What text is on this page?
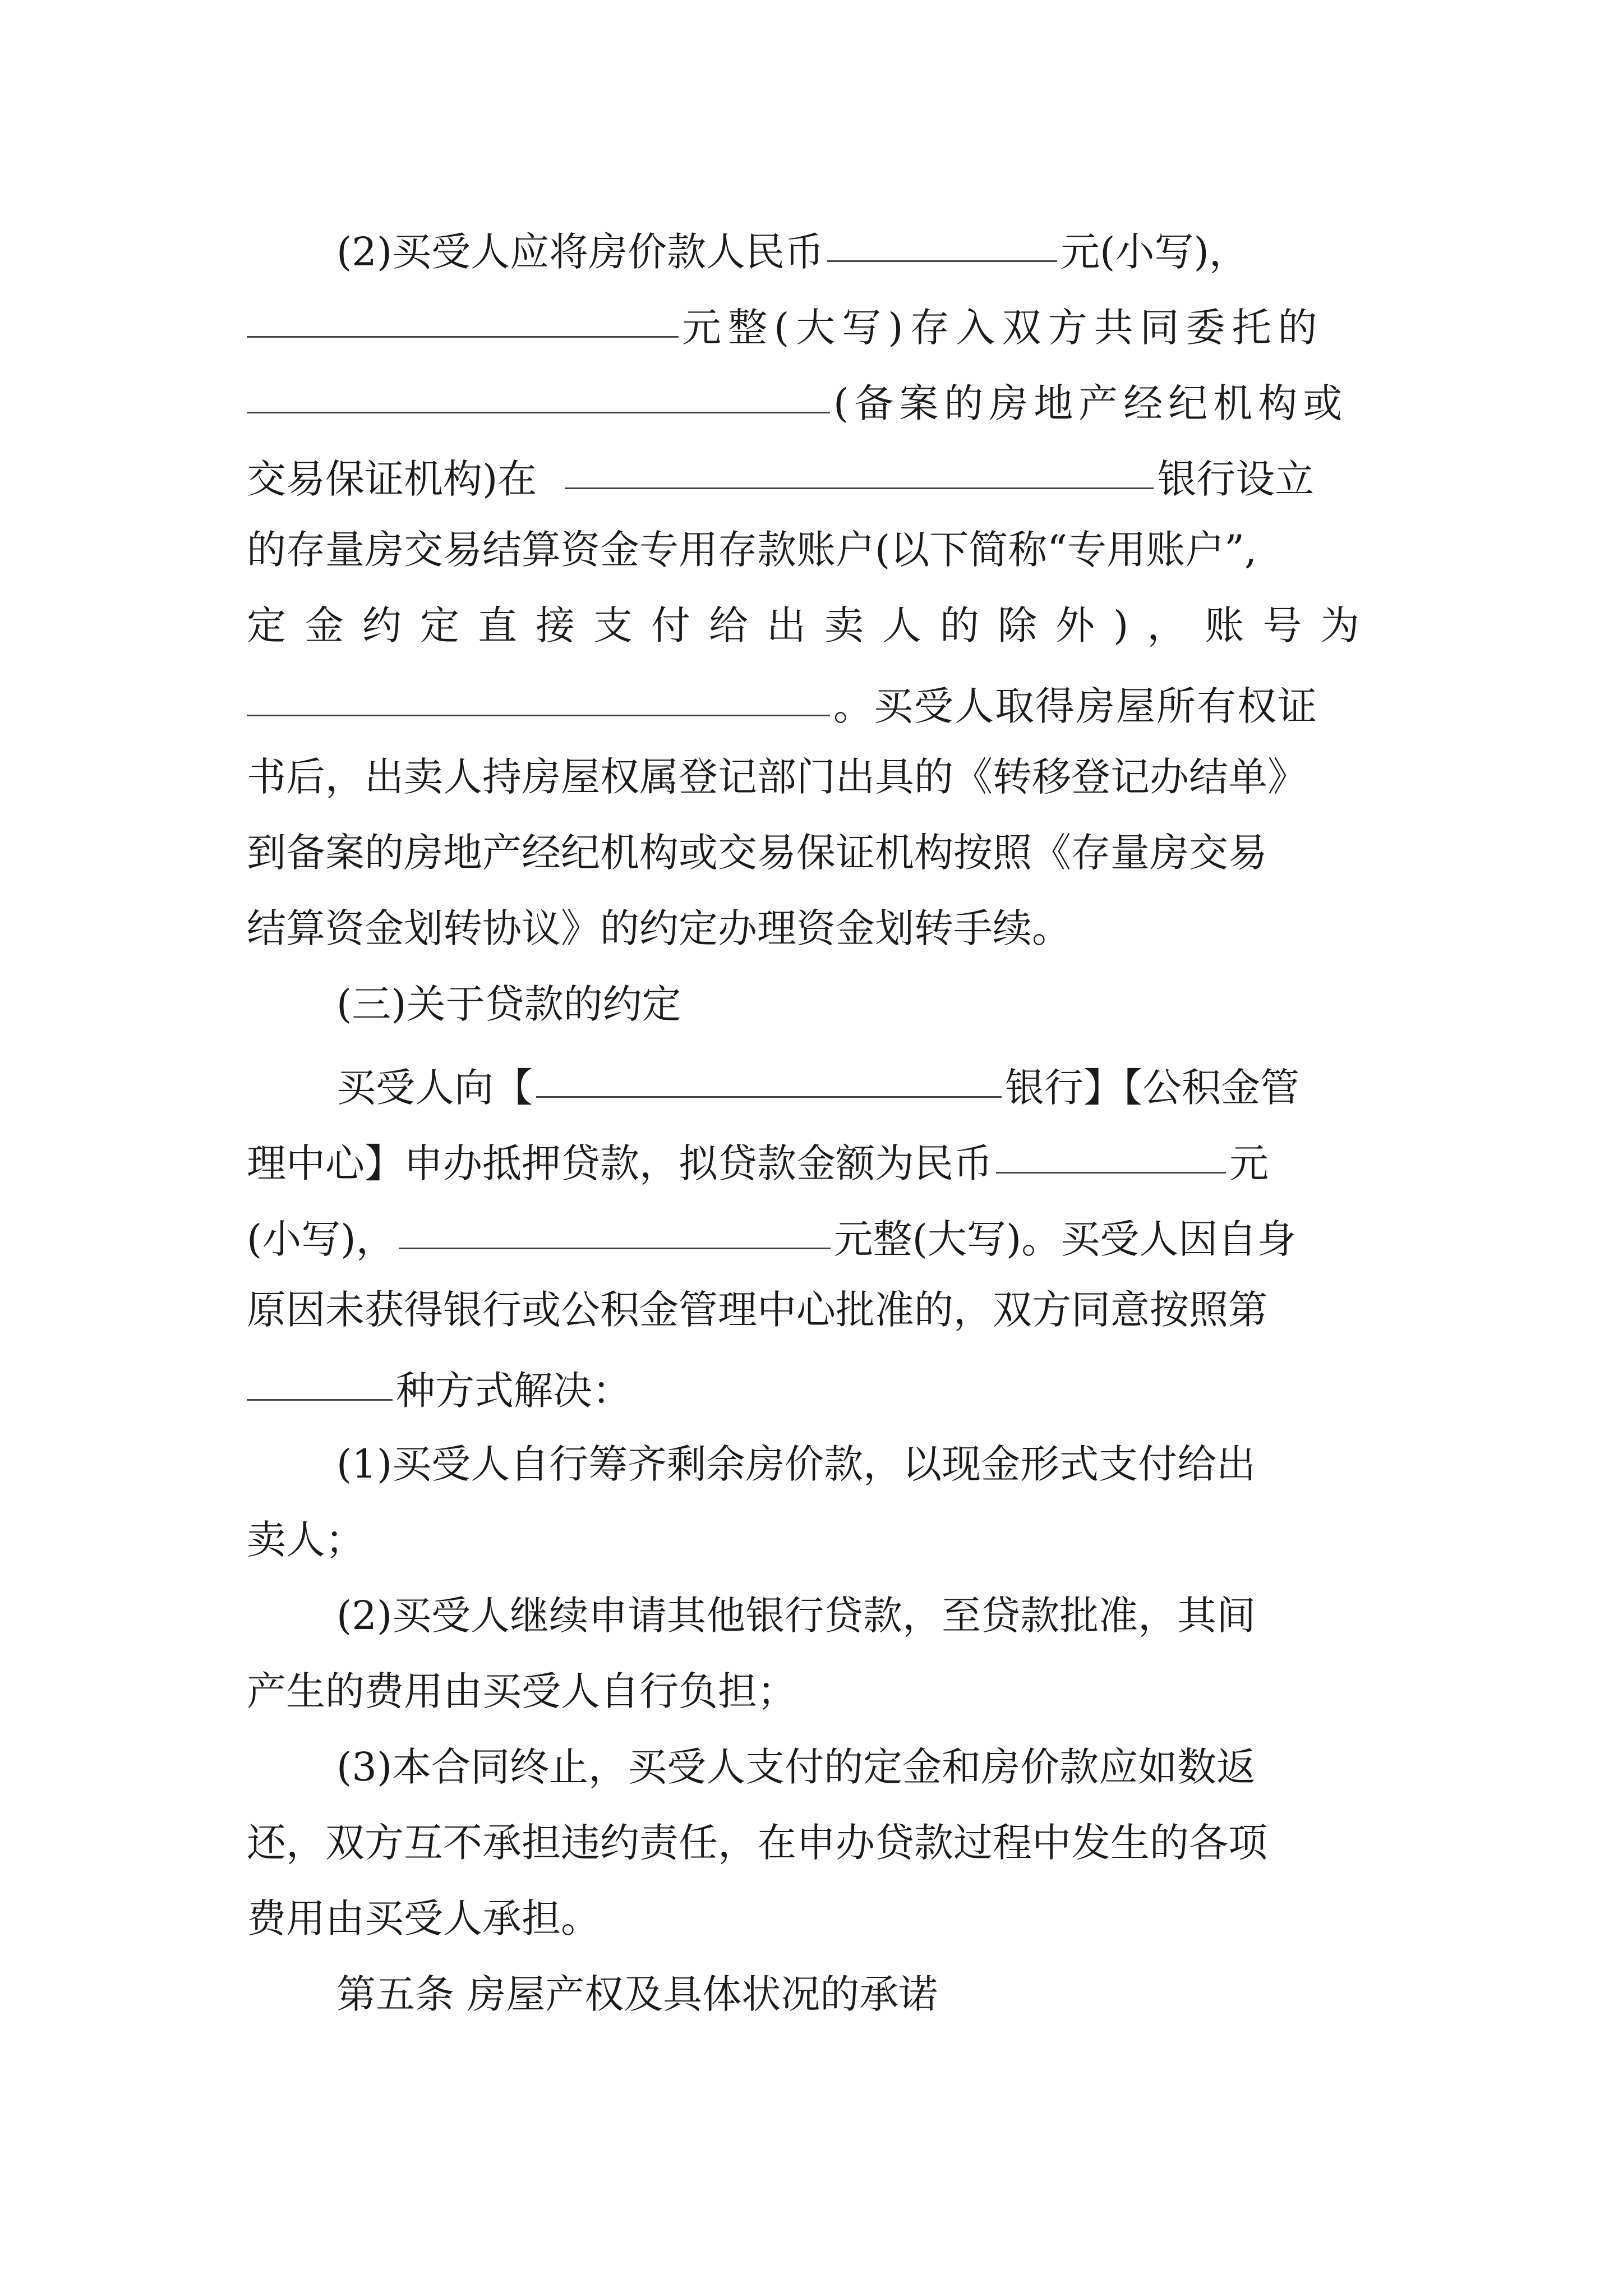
(2)买受人应将房价款人民币	元(小写)，
元整(大写)存入双方共同委托的
(备案的房地产经纪机构或
交易保证机构)在	银行设立
的存量房交易结算资金专用存款账户(以下简称“专用账户”,
定金约定直接支付给出卖人的除外)，账号为
。买受人取得房屋所有权证
书后，出卖人持房屋权属登记部门出具的《转移登记办结单》
到备案的房地产经纪机构或交易保证机构按照《存量房交易
结算资金划转协议》的约定办理资金划转手续。
(三)关于贷款的约定
买受人向【	银行】【公积金管
理中心】申办抵押贷款，拟贷款金额为民币	元
(小写)，	元整(大写)。买受人因自身
原因未获得银行或公积金管理中心批准的，双方同意按照第
种方式解决：
(1)买受人自行筹齐剩余房价款，以现金形式支付给出
卖人；
(2)买受人继续申请其他银行贷款，至贷款批准，其间
产生的费用由买受人自行负担；
(3)本合同终止，买受人支付的定金和房价款应如数返
还，双方互不承担违约责任，在申办贷款过程中发生的各项
费用由买受人承担。
第五条 房屋产权及具体状况的承诺
